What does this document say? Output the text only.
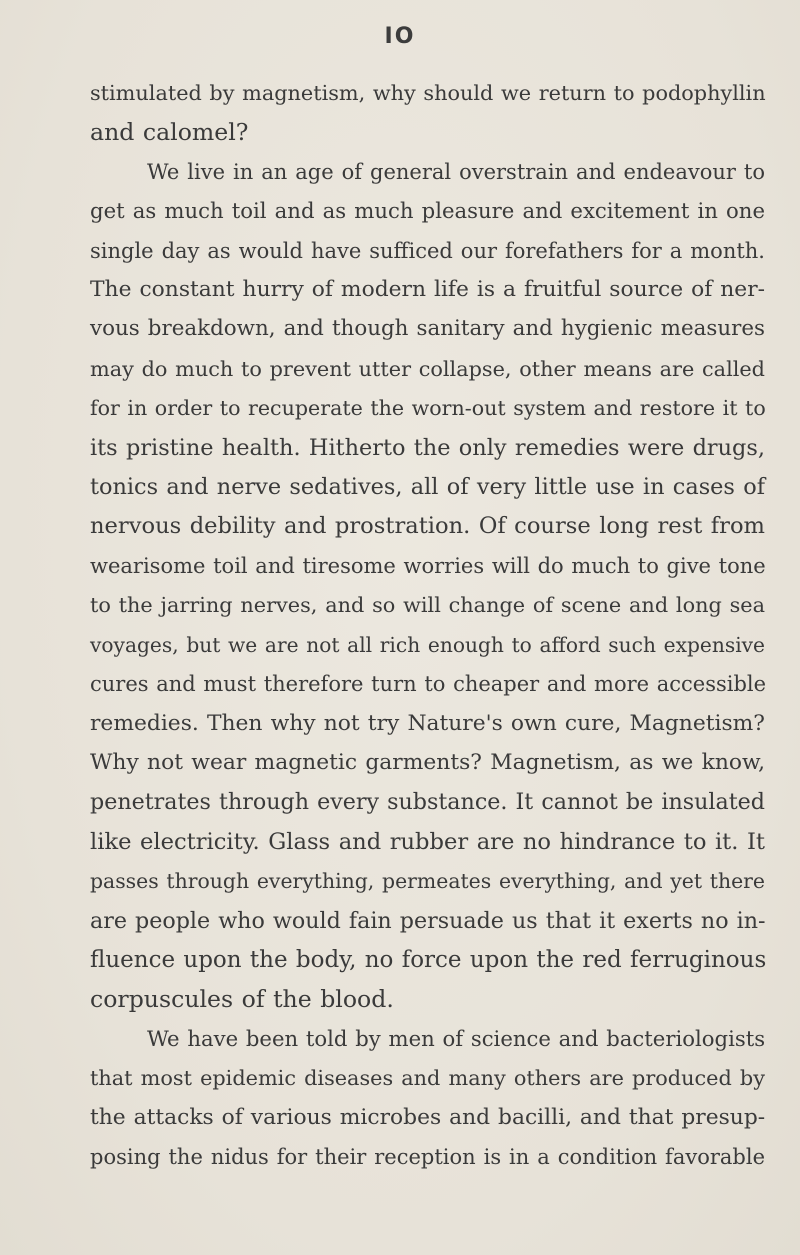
IO
stimulated by magnetism, why should we return to podophyllin
and calomel?
We live in an age of general overstrain and endeavour to
get as much toil and as much pleasure and excitement in one
single day as would have sufficed our forefathers for a month.
The constant hurry of modern life is a fruitful source of ner-
vous breakdown, and though sanitary and hygienic measures
may do much to prevent utter collapse, other means are called
for in order to recuperate the worn-out system and restore it to
its pristine health. Hitherto the only remedies were drugs,
tonics and nerve sedatives, all of very little use in cases of
nervous debility and prostration. Of course long rest from
wearisome toil and tiresome worries will do much to give tone
to the jarring nerves, and so will change of scene and long sea
voyages, but we are not all rich enough to afford such expensive
cures and must therefore turn to cheaper and more accessible
remedies. Then why not try Nature's own cure, Magnetism?
Why not wear magnetic garments? Magnetism, as we know,
penetrates through every substance. It cannot be insulated
like electricity. Glass and rubber are no hindrance to it. It
passes through everything, permeates everything, and yet there
are people who would fain persuade us that it exerts no in-
fluence upon the body, no force upon the red ferruginous
corpuscules of the blood.
We have been told by men of science and bacteriologists
that most epidemic diseases and many others are produced by
the attacks of various microbes and bacilli, and that presup-
posing the nidus for their reception is in a condition favorable
